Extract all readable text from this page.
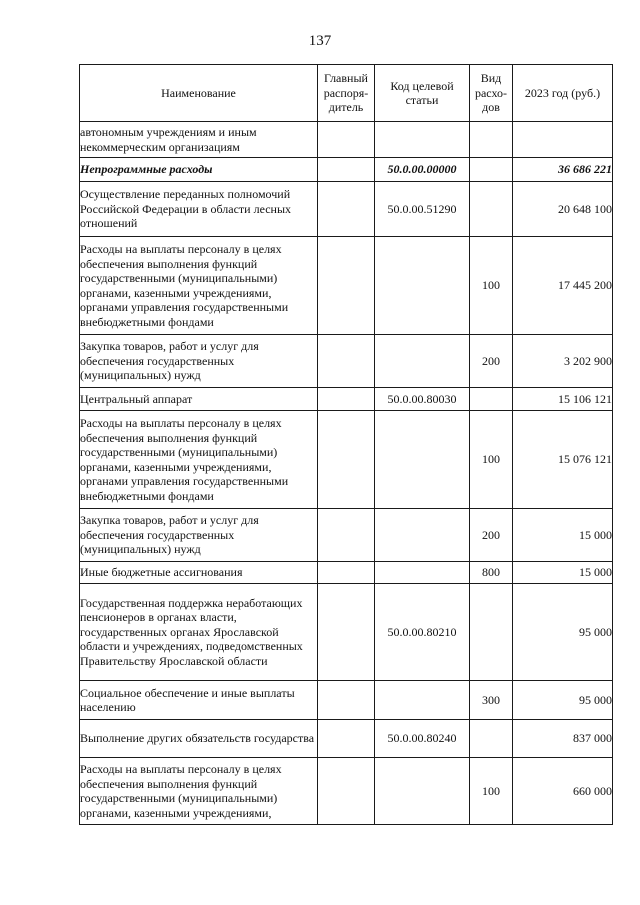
137
Наименование	Главный распоря-дитель	Код целевой статьи	Вид расхо-дов	2023 год (руб.)
автономным учреждениям и иным некоммерческим организациям				
Непрограммные расходы		50.0.00.00000		36 686 221
Осуществление переданных полномочий Российской Федерации в области лесных отношений		50.0.00.51290		20 648 100
Расходы на выплаты персоналу в целях обеспечения выполнения функций государственными (муниципальными) органами, казенными учреждениями, органами управления государственными внебюджетными фондами			100	17 445 200
Закупка товаров, работ и услуг для обеспечения государственных (муниципальных) нужд			200	3 202 900
Центральный аппарат		50.0.00.80030		15 106 121
Расходы на выплаты персоналу в целях обеспечения выполнения функций государственными (муниципальными) органами, казенными учреждениями, органами управления государственными внебюджетными фондами			100	15 076 121
Закупка товаров, работ и услуг для обеспечения государственных (муниципальных) нужд			200	15 000
Иные бюджетные ассигнования			800	15 000
Государственная поддержка неработающих пенсионеров в органах власти, государственных органах Ярославской области и учреждениях, подведомственных Правительству Ярославской области		50.0.00.80210		95 000
Социальное обеспечение и иные выплаты населению			300	95 000
Выполнение других обязательств государства		50.0.00.80240		837 000
Расходы на выплаты персоналу в целях обеспечения выполнения функций государственными (муниципальными) органами, казенными учреждениями,			100	660 000
